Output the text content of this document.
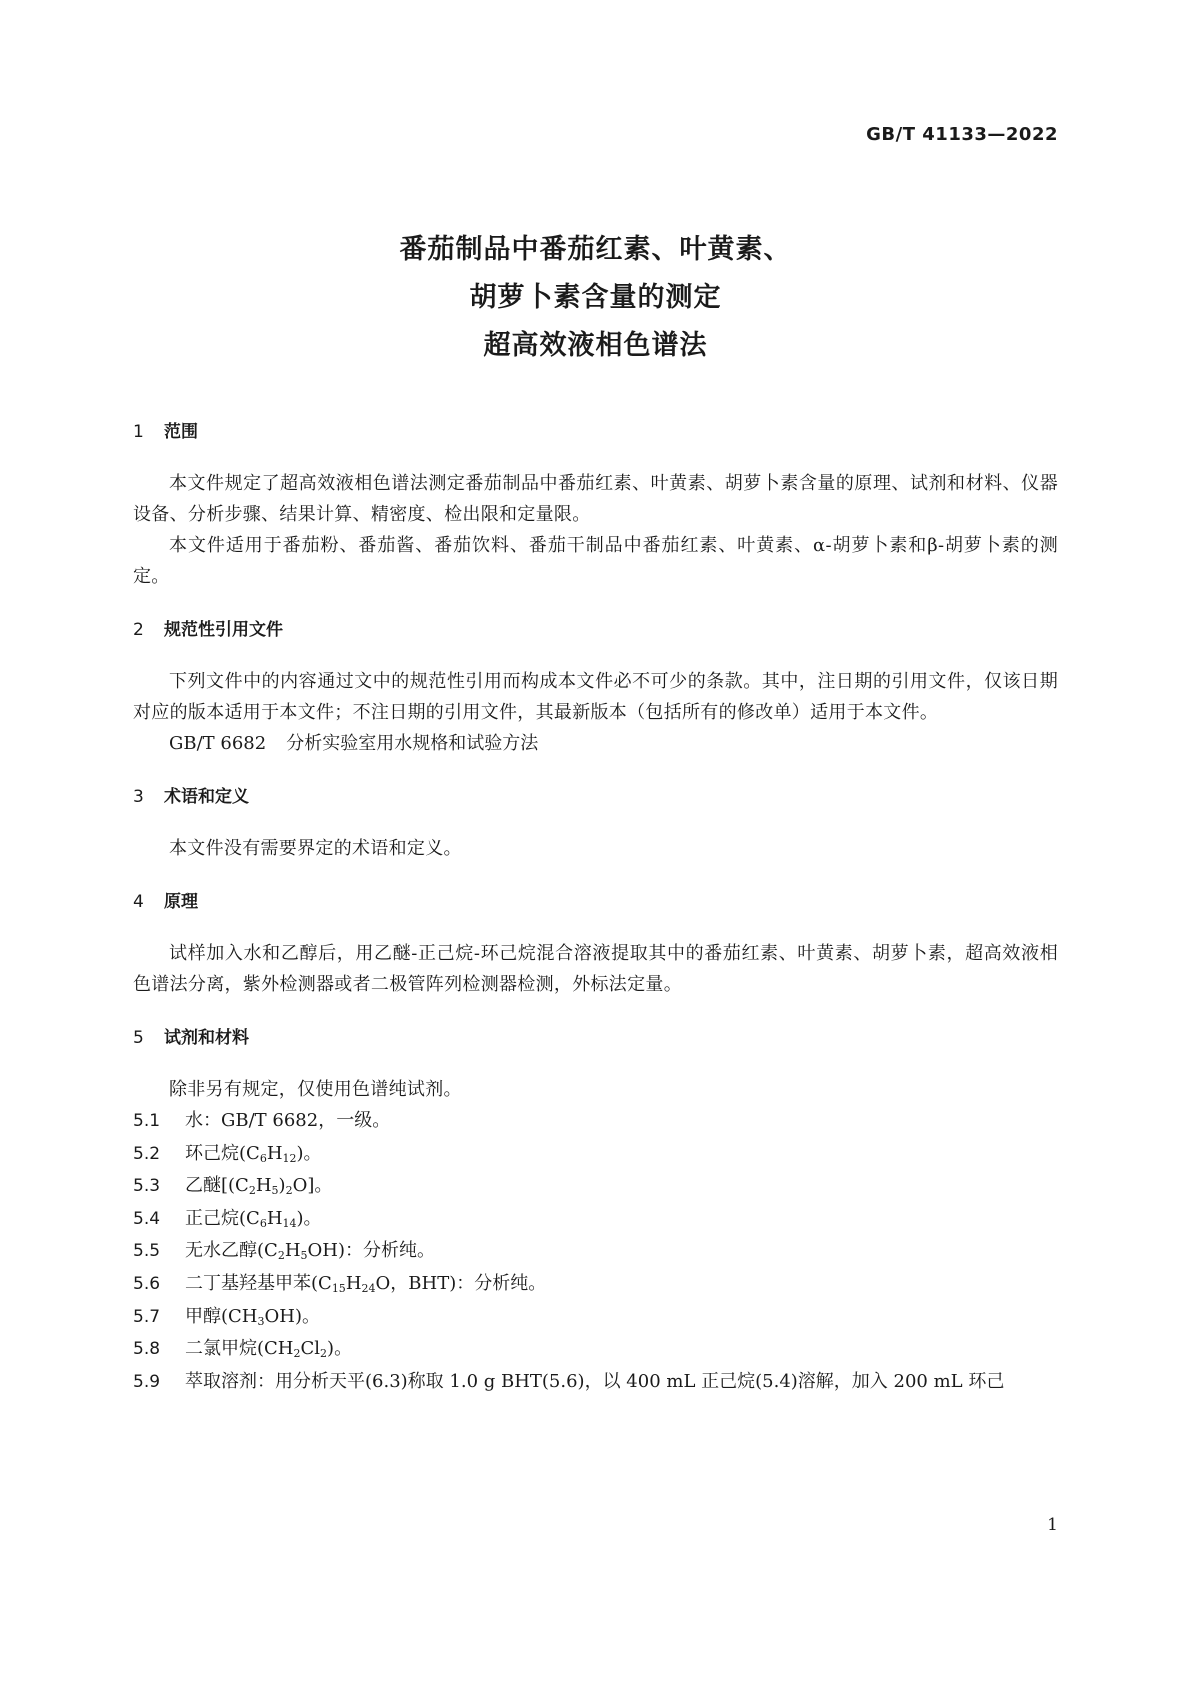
GB/T 41133—2022
番茄制品中番茄红素、叶黄素、
胡萝卜素含量的测定
超高效液相色谱法
1 范围

本文件规定了超高效液相色谱法测定番茄制品中番茄红素、叶黄素、胡萝卜素含量的原理、试剂和材料、仪器设备、分析步骤、结果计算、精密度、检出限和定量限。

本文件适用于番茄粉、番茄酱、番茄饮料、番茄干制品中番茄红素、叶黄素、α-胡萝卜素和β-胡萝卜素的测定。

2 规范性引用文件

下列文件中的内容通过文中的规范性引用而构成本文件必不可少的条款。其中，注日期的引用文件，仅该日期对应的版本适用于本文件；不注日期的引用文件，其最新版本（包括所有的修改单）适用于本文件。

GB/T 6682 分析实验室用水规格和试验方法
3 术语和定义

本文件没有需要界定的术语和定义。

4 原理

试样加入水和乙醇后，用乙醚-正己烷-环己烷混合溶液提取其中的番茄红素、叶黄素、胡萝卜素，超高效液相色谱法分离，紫外检测器或者二极管阵列检测器检测，外标法定量。

5 试剂和材料

除非另有规定，仅使用色谱纯试剂。

5.1 水：GB/T 6682，一级。
5.2 环己烷$(C_6H_{12})$。
5.3 乙醚$[(C_2H_5)_2O]$。
5.4 正己烷$(C_6H_{14})$。
5.5 无水乙醇$(C_2H_5OH)$：分析纯。
5.6 二丁基羟基甲苯($C_{15}H_{24}O$，BHT)：分析纯。
5.7 甲醇$(CH_3OH)$。
5.8 二氯甲烷$(CH_2Cl_2)$。
5.9 萃取溶剂：用分析天平(6.3)称取 1.0 g BHT(5.6)，以 400 mL 正己烷(5.4)溶解，加入 200 mL 环己
1
